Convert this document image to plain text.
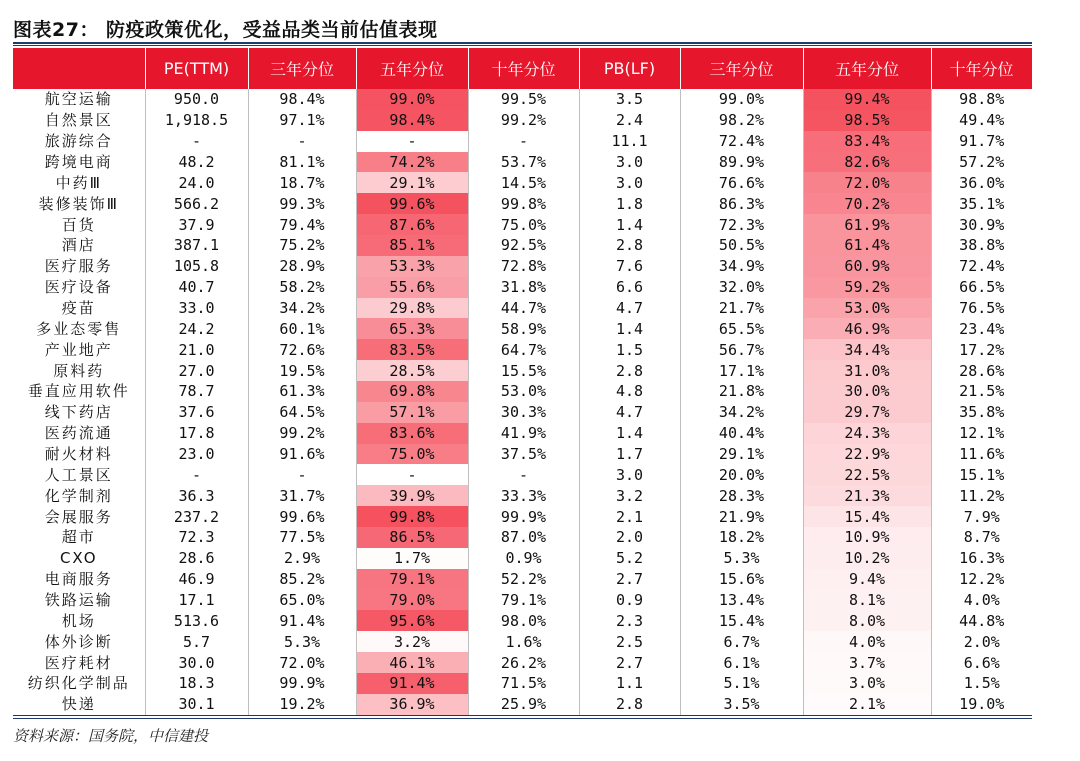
图表27： 防疫政策优化，受益品类当前估值表现
	PE(TTM)	三年分位	五年分位	十年分位	PB(LF)	三年分位	五年分位	十年分位
航空运输	950.0	98.4%	99.0%	99.5%	3.5	99.0%	99.4%	98.8%
自然景区	1,918.5	97.1%	98.4%	99.2%	2.4	98.2%	98.5%	49.4%
旅游综合	-	-	-	-	11.1	72.4%	83.4%	91.7%
跨境电商	48.2	81.1%	74.2%	53.7%	3.0	89.9%	82.6%	57.2%
中药Ⅲ	24.0	18.7%	29.1%	14.5%	3.0	76.6%	72.0%	36.0%
装修装饰Ⅲ	566.2	99.3%	99.6%	99.8%	1.8	86.3%	70.2%	35.1%
百货	37.9	79.4%	87.6%	75.0%	1.4	72.3%	61.9%	30.9%
酒店	387.1	75.2%	85.1%	92.5%	2.8	50.5%	61.4%	38.8%
医疗服务	105.8	28.9%	53.3%	72.8%	7.6	34.9%	60.9%	72.4%
医疗设备	40.7	58.2%	55.6%	31.8%	6.6	32.0%	59.2%	66.5%
疫苗	33.0	34.2%	29.8%	44.7%	4.7	21.7%	53.0%	76.5%
多业态零售	24.2	60.1%	65.3%	58.9%	1.4	65.5%	46.9%	23.4%
产业地产	21.0	72.6%	83.5%	64.7%	1.5	56.7%	34.4%	17.2%
原料药	27.0	19.5%	28.5%	15.5%	2.8	17.1%	31.0%	28.6%
垂直应用软件	78.7	61.3%	69.8%	53.0%	4.8	21.8%	30.0%	21.5%
线下药店	37.6	64.5%	57.1%	30.3%	4.7	34.2%	29.7%	35.8%
医药流通	17.8	99.2%	83.6%	41.9%	1.4	40.4%	24.3%	12.1%
耐火材料	23.0	91.6%	75.0%	37.5%	1.7	29.1%	22.9%	11.6%
人工景区	-	-	-	-	3.0	20.0%	22.5%	15.1%
化学制剂	36.3	31.7%	39.9%	33.3%	3.2	28.3%	21.3%	11.2%
会展服务	237.2	99.6%	99.8%	99.9%	2.1	21.9%	15.4%	7.9%
超市	72.3	77.5%	86.5%	87.0%	2.0	18.2%	10.9%	8.7%
CXO	28.6	2.9%	1.7%	0.9%	5.2	5.3%	10.2%	16.3%
电商服务	46.9	85.2%	79.1%	52.2%	2.7	15.6%	9.4%	12.2%
铁路运输	17.1	65.0%	79.0%	79.1%	0.9	13.4%	8.1%	4.0%
机场	513.6	91.4%	95.6%	98.0%	2.3	15.4%	8.0%	44.8%
体外诊断	5.7	5.3%	3.2%	1.6%	2.5	6.7%	4.0%	2.0%
医疗耗材	30.0	72.0%	46.1%	26.2%	2.7	6.1%	3.7%	6.6%
纺织化学制品	18.3	99.9%	91.4%	71.5%	1.1	5.1%	3.0%	1.5%
快递	30.1	19.2%	36.9%	25.9%	2.8	3.5%	2.1%	19.0%
资料来源：国务院，中信建投
